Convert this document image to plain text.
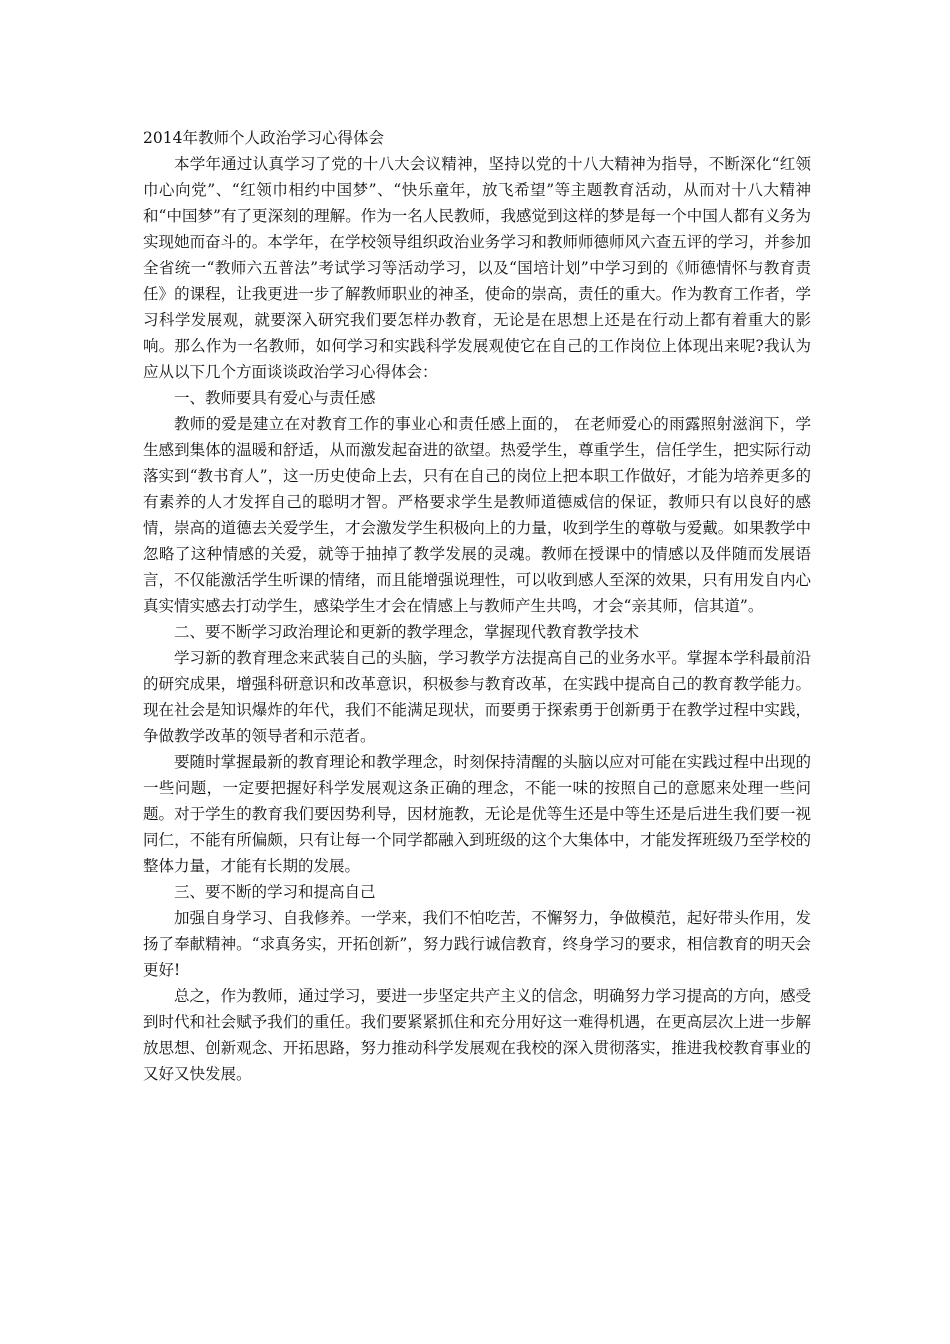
2014年教师个人政治学习心得体会

本学年通过认真学习了党的十八大会议精神，坚持以党的十八大精神为指导，不断深化“红领巾心向党”、“红领巾相约中国梦”、“快乐童年，放飞希望”等主题教育活动，从而对十八大精神和“中国梦”有了更深刻的理解。作为一名人民教师，我感觉到这样的梦是每一个中国人都有义务为实现她而奋斗的。本学年，在学校领导组织政治业务学习和教师师德师风六查五评的学习，并参加全省统一“教师六五普法”考试学习等活动学习，以及“国培计划”中学习到的《师德情怀与教育责任》的课程，让我更进一步了解教师职业的神圣，使命的崇高，责任的重大。作为教育工作者，学习科学发展观，就要深入研究我们要怎样办教育，无论是在思想上还是在行动上都有着重大的影响。那么作为一名教师，如何学习和实践科学发展观使它在自己的工作岗位上体现出来呢?我认为应从以下几个方面谈谈政治学习心得体会：

一、教师要具有爱心与责任感

教师的爱是建立在对教育工作的事业心和责任感上面的， 在老师爱心的雨露照射滋润下，学生感到集体的温暖和舒适，从而激发起奋进的欲望。热爱学生，尊重学生，信任学生，把实际行动落实到“教书育人”，这一历史使命上去，只有在自己的岗位上把本职工作做好，才能为培养更多的有素养的人才发挥自己的聪明才智。严格要求学生是教师道德威信的保证，教师只有以良好的感情，崇高的道德去关爱学生，才会激发学生积极向上的力量，收到学生的尊敬与爱戴。如果教学中忽略了这种情感的关爱，就等于抽掉了教学发展的灵魂。教师在授课中的情感以及伴随而发展语言，不仅能激活学生听课的情绪，而且能增强说理性，可以收到感人至深的效果，只有用发自内心真实情实感去打动学生，感染学生才会在情感上与教师产生共鸣，才会“亲其师，信其道”。

二、要不断学习政治理论和更新的教学理念，掌握现代教育教学技术

学习新的教育理念来武装自己的头脑，学习教学方法提高自己的业务水平。掌握本学科最前沿的研究成果，增强科研意识和改革意识，积极参与教育改革，在实践中提高自己的教育教学能力。现在社会是知识爆炸的年代，我们不能满足现状，而要勇于探索勇于创新勇于在教学过程中实践，争做教学改革的领导者和示范者。

要随时掌握最新的教育理论和教学理念，时刻保持清醒的头脑以应对可能在实践过程中出现的一些问题，一定要把握好科学发展观这条正确的理念，不能一味的按照自己的意愿来处理一些问题。对于学生的教育我们要因势利导，因材施教，无论是优等生还是中等生还是后进生我们要一视同仁，不能有所偏颇，只有让每一个同学都融入到班级的这个大集体中，才能发挥班级乃至学校的整体力量，才能有长期的发展。

三、要不断的学习和提高自己

加强自身学习、自我修养。一学来，我们不怕吃苦，不懈努力，争做模范，起好带头作用，发扬了奉献精神。“求真务实，开拓创新”，努力践行诚信教育，终身学习的要求，相信教育的明天会更好!

总之，作为教师，通过学习，要进一步坚定共产主义的信念，明确努力学习提高的方向，感受到时代和社会赋予我们的重任。我们要紧紧抓住和充分用好这一难得机遇，在更高层次上进一步解放思想、创新观念、开拓思路，努力推动科学发展观在我校的深入贯彻落实，推进我校教育事业的又好又快发展。
